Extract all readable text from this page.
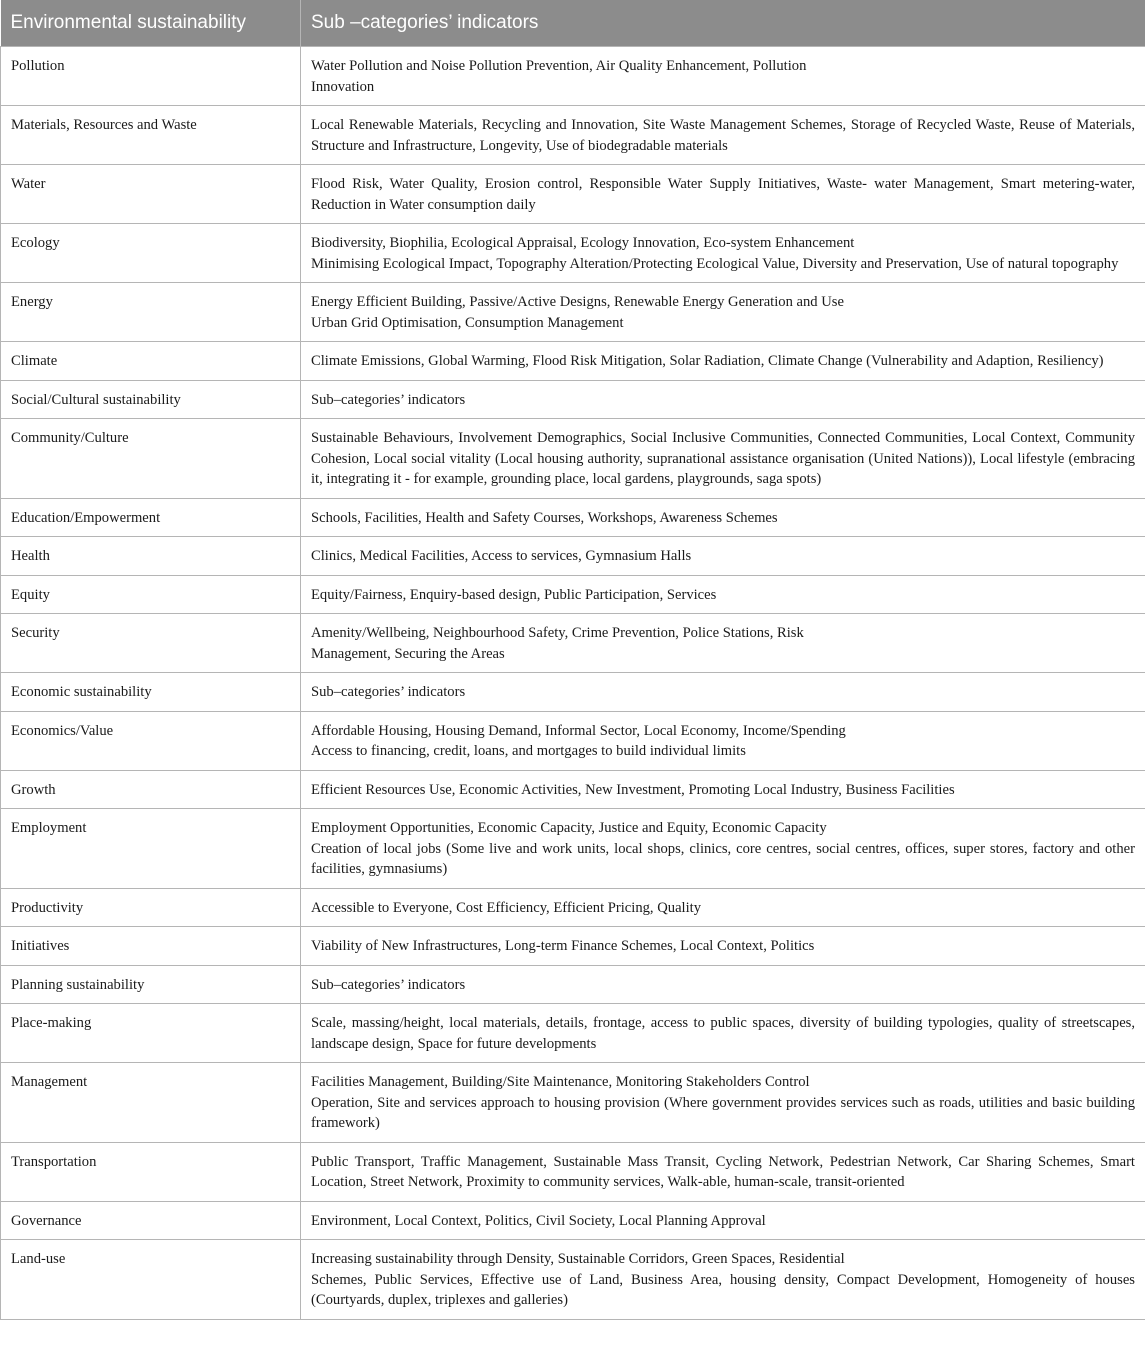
Environmental sustainability	Sub –categories’ indicators
Pollution	Water Pollution and Noise Pollution Prevention, Air Quality Enhancement, Pollution
Innovation

Materials, Resources and Waste	Local Renewable Materials, Recycling and Innovation, Site Waste Management Schemes, Storage of Recycled Waste, Reuse of Materials, Structure and Infrastructure, Longevity, Use of biodegradable materials

Water	Flood Risk, Water Quality, Erosion control, Responsible Water Supply Initiatives, Waste- water Management, Smart metering-water, Reduction in Water consumption daily

Ecology	Biodiversity, Biophilia, Ecological Appraisal, Ecology Innovation, Eco-system Enhancement
Minimising Ecological Impact, Topography Alteration/Protecting Ecological Value, Diversity and Preservation, Use of natural topography

Energy	Energy Efficient Building, Passive/Active Designs, Renewable Energy Generation and Use
Urban Grid Optimisation, Consumption Management

Climate	Climate Emissions, Global Warming, Flood Risk Mitigation, Solar Radiation, Climate Change (Vulnerability and Adaption, Resiliency)

Social/Cultural sustainability	Sub–categories’ indicators

Community/Culture	Sustainable Behaviours, Involvement Demographics, Social Inclusive Communities, Connected Communities, Local Context, Community Cohesion, Local social vitality (Local housing authority, supranational assistance organisation (United Nations)), Local lifestyle (embracing it, integrating it - for example, grounding place, local gardens, playgrounds, saga spots)

Education/Empowerment	Schools, Facilities, Health and Safety Courses, Workshops, Awareness Schemes

Health	Clinics, Medical Facilities, Access to services, Gymnasium Halls

Equity	Equity/Fairness, Enquiry-based design, Public Participation, Services

Security	Amenity/Wellbeing, Neighbourhood Safety, Crime Prevention, Police Stations, Risk
Management, Securing the Areas

Economic sustainability	Sub–categories’ indicators

Economics/Value	Affordable Housing, Housing Demand, Informal Sector, Local Economy, Income/Spending
Access to financing, credit, loans, and mortgages to build individual limits

Growth	Efficient Resources Use, Economic Activities, New Investment, Promoting Local Industry, Business Facilities

Employment	Employment Opportunities, Economic Capacity, Justice and Equity, Economic Capacity
Creation of local jobs (Some live and work units, local shops, clinics, core centres, social centres, offices, super stores, factory and other facilities, gymnasiums)

Productivity	Accessible to Everyone, Cost Efficiency, Efficient Pricing, Quality

Initiatives	Viability of New Infrastructures, Long-term Finance Schemes, Local Context, Politics

Planning sustainability	Sub–categories’ indicators

Place-making	Scale, massing/height, local materials, details, frontage, access to public spaces, diversity of building typologies, quality of streetscapes, landscape design, Space for future developments

Management	Facilities Management, Building/Site Maintenance, Monitoring Stakeholders Control
Operation, Site and services approach to housing provision (Where government provides services such as roads, utilities and basic building framework)

Transportation	Public Transport, Traffic Management, Sustainable Mass Transit, Cycling Network, Pedestrian Network, Car Sharing Schemes, Smart Location, Street Network, Proximity to community services, Walk-able, human-scale, transit-oriented

Governance	Environment, Local Context, Politics, Civil Society, Local Planning Approval

Land-use	Increasing sustainability through Density, Sustainable Corridors, Green Spaces, Residential
Schemes, Public Services, Effective use of Land, Business Area, housing density, Compact Development, Homogeneity of houses (Courtyards, duplex, triplexes and galleries)
